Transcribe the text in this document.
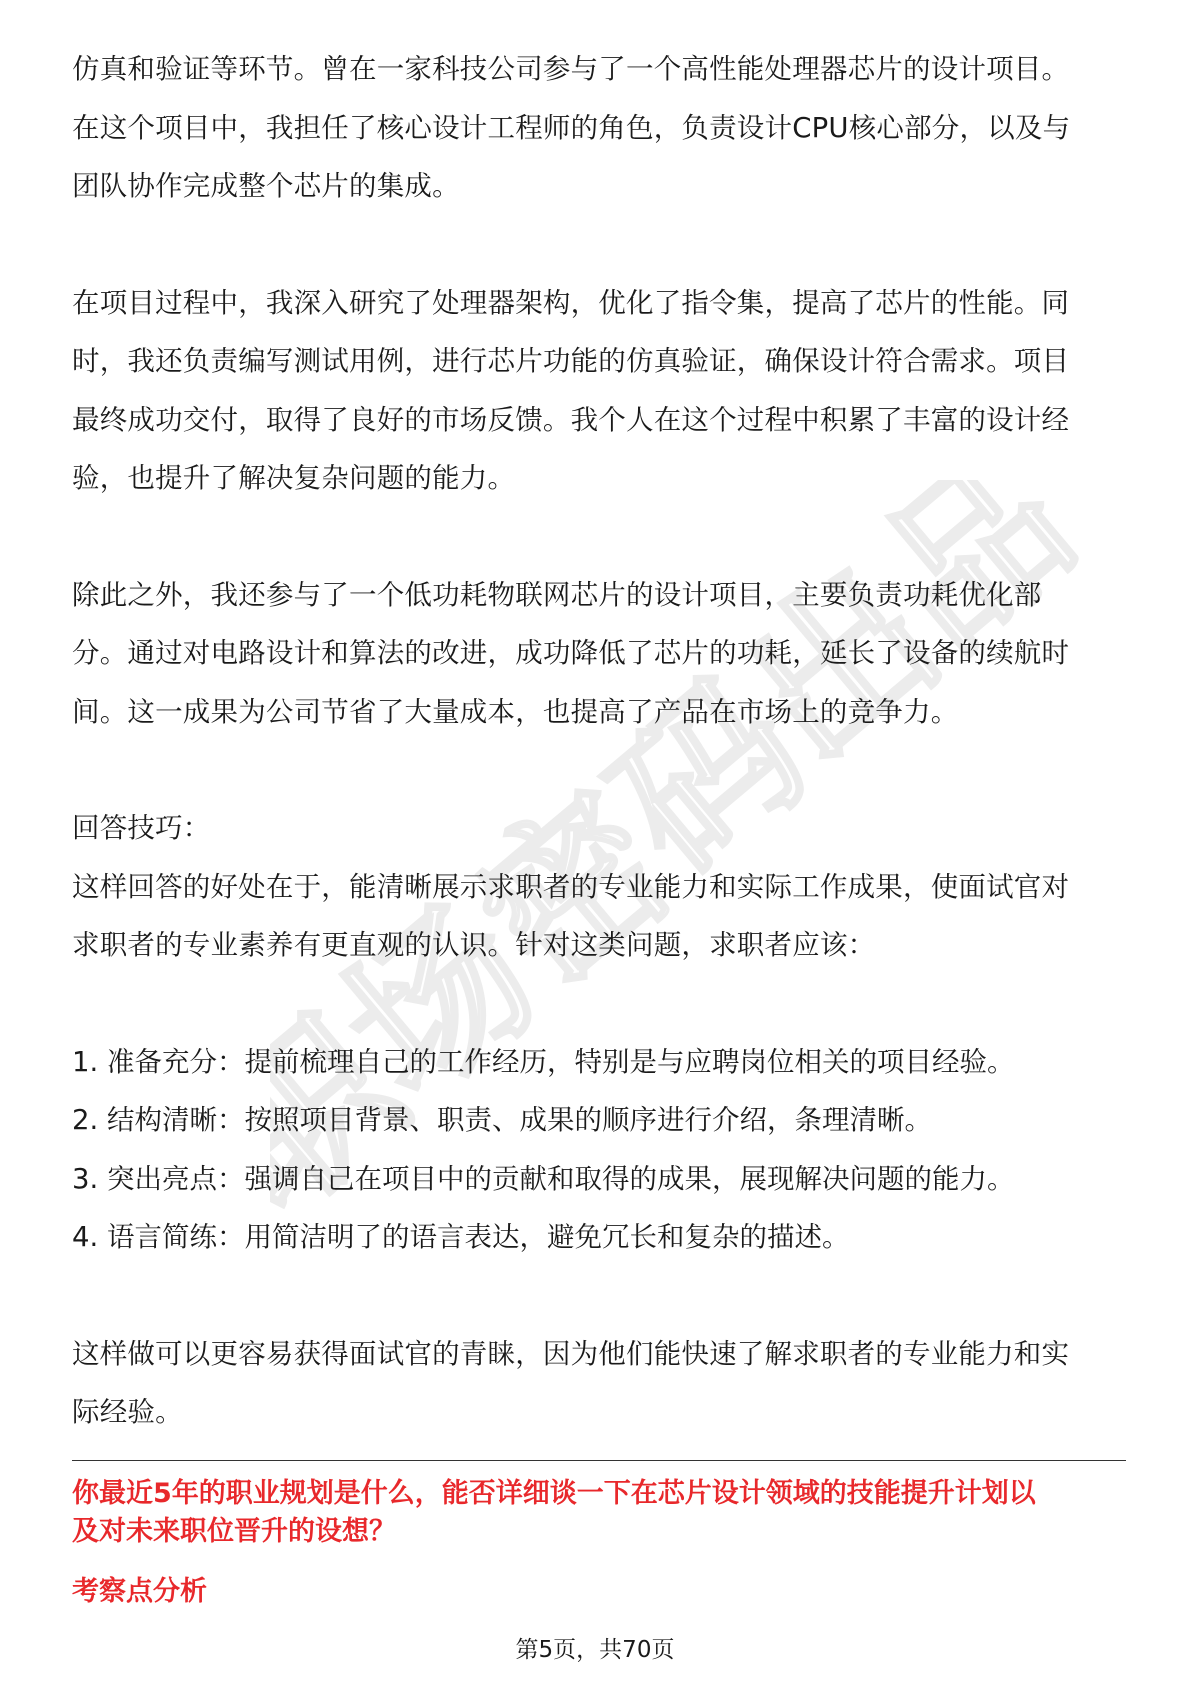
职场密码出品
仿真和验证等环节。曾在一家科技公司参与了一个高性能处理器芯片的设计项目。
在这个项目中，我担任了核心设计工程师的角色，负责设计CPU核心部分，以及与
团队协作完成整个芯片的集成。
在项目过程中，我深入研究了处理器架构，优化了指令集，提高了芯片的性能。同
时，我还负责编写测试用例，进行芯片功能的仿真验证，确保设计符合需求。项目
最终成功交付，取得了良好的市场反馈。我个人在这个过程中积累了丰富的设计经
验，也提升了解决复杂问题的能力。
除此之外，我还参与了一个低功耗物联网芯片的设计项目，主要负责功耗优化部
分。通过对电路设计和算法的改进，成功降低了芯片的功耗，延长了设备的续航时
间。这一成果为公司节省了大量成本，也提高了产品在市场上的竞争力。
回答技巧：
这样回答的好处在于，能清晰展示求职者的专业能力和实际工作成果，使面试官对
求职者的专业素养有更直观的认识。针对这类问题，求职者应该：
1. 准备充分：提前梳理自己的工作经历，特别是与应聘岗位相关的项目经验。
2. 结构清晰：按照项目背景、职责、成果的顺序进行介绍，条理清晰。
3. 突出亮点：强调自己在项目中的贡献和取得的成果，展现解决问题的能力。
4. 语言简练：用简洁明了的语言表达，避免冗长和复杂的描述。
这样做可以更容易获得面试官的青睐，因为他们能快速了解求职者的专业能力和实
际经验。
你最近5年的职业规划是什么，能否详细谈一下在芯片设计领域的技能提升计划以
及对未来职位晋升的设想？
考察点分析
第5页，共70页
